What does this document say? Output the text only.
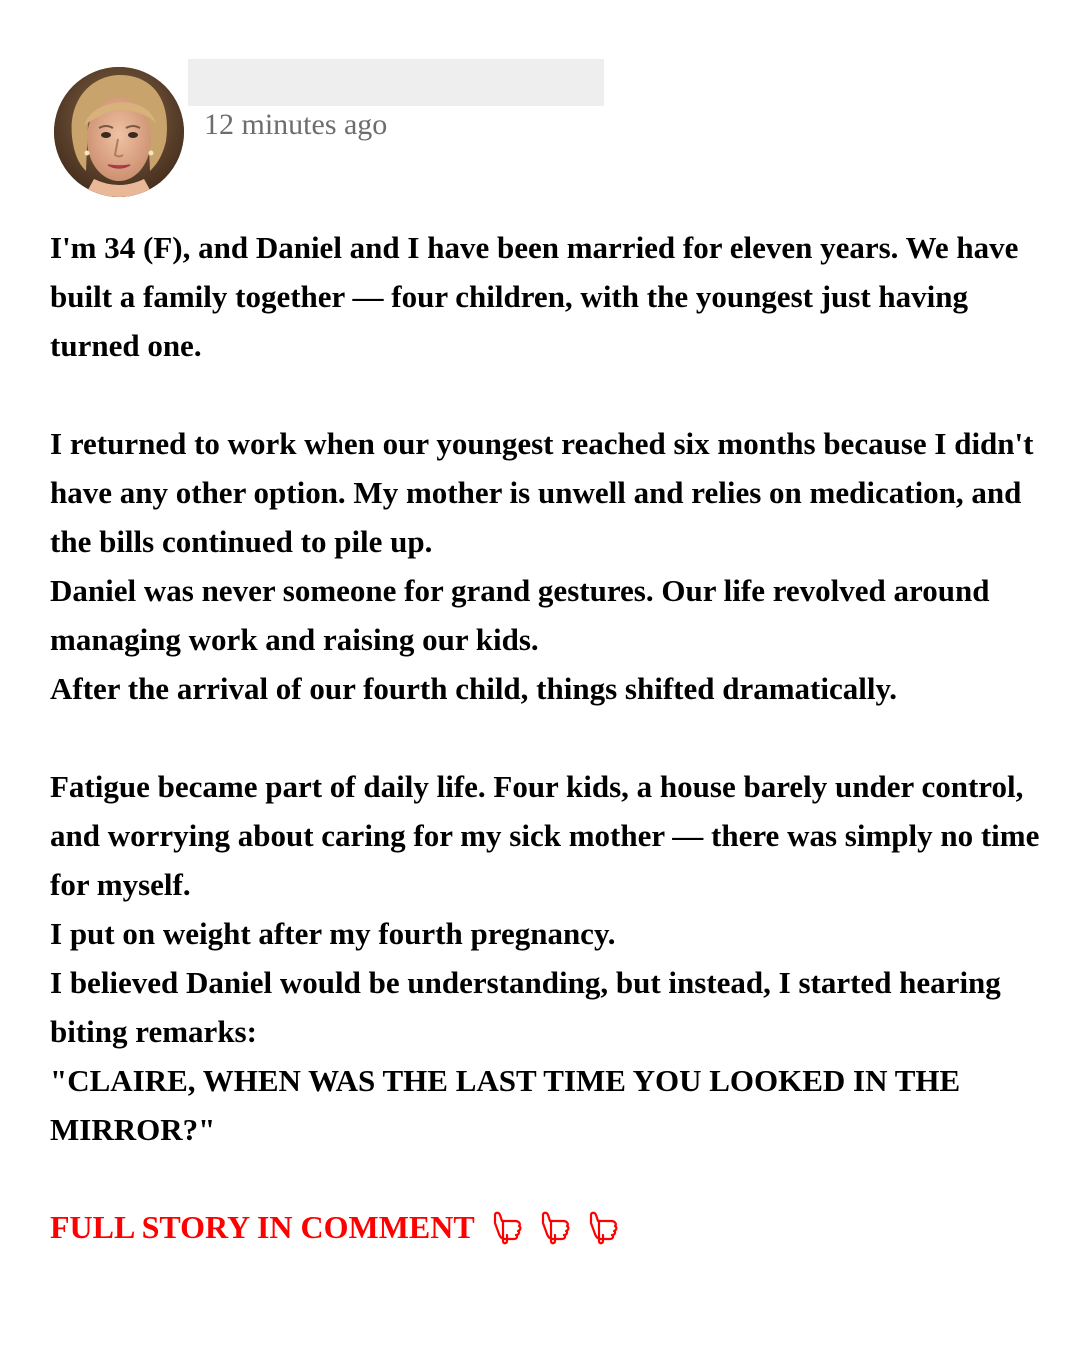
12 minutes ago

I'm 34 (F), and Daniel and I have been married for eleven years. We have built a family together — four children, with the youngest just having turned one.

I returned to work when our youngest reached six months because I didn't have any other option. My mother is unwell and relies on medication, and the bills continued to pile up.

Daniel was never someone for grand gestures. Our life revolved around managing work and raising our kids.

After the arrival of our fourth child, things shifted dramatically.

Fatigue became part of daily life. Four kids, a house barely under control, and worrying about caring for my sick mother — there was simply no time for myself.

I put on weight after my fourth pregnancy.

I believed Daniel would be understanding, but instead, I started hearing biting remarks:

"CLAIRE, WHEN WAS THE LAST TIME YOU LOOKED IN THE MIRROR?"

FULL STORY IN COMMENT
